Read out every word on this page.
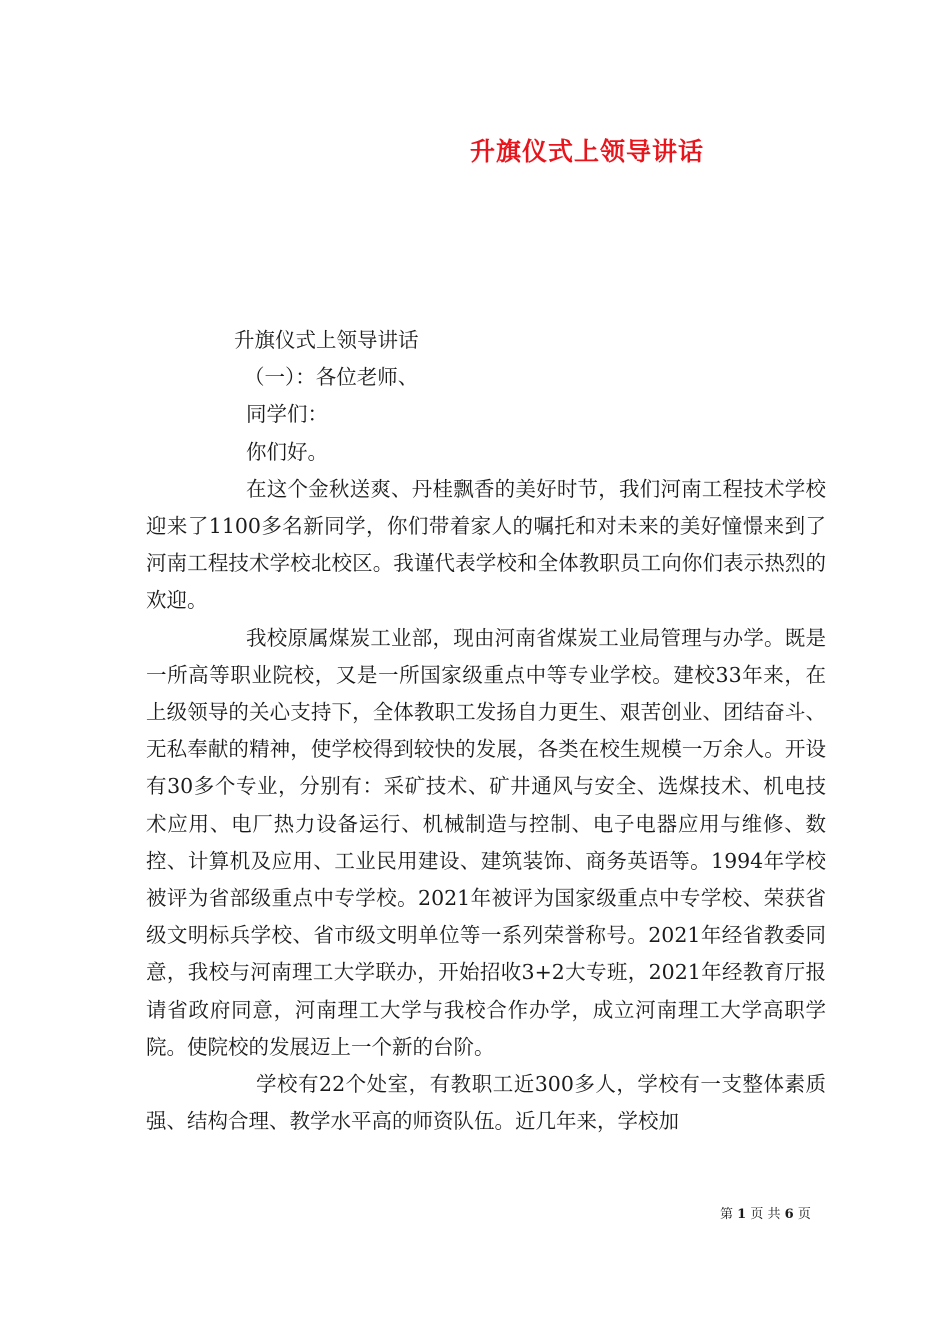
升旗仪式上领导讲话
升旗仪式上领导讲话
（一）：各位老师、
同学们：
你们好。
在这个金秋送爽、丹桂飘香的美好时节，我们河南工程技术学校迎来了1100多名新同学，你们带着家人的嘱托和对未来的美好憧憬来到了河南工程技术学校北校区。我谨代表学校和全体教职员工向你们表示热烈的欢迎。
我校原属煤炭工业部，现由河南省煤炭工业局管理与办学。既是一所高等职业院校，又是一所国家级重点中等专业学校。建校33年来，在上级领导的关心支持下，全体教职工发扬自力更生、艰苦创业、团结奋斗、无私奉献的精神，使学校得到较快的发展，各类在校生规模一万余人。开设有30多个专业，分别有：采矿技术、矿井通风与安全、选煤技术、机电技术应用、电厂热力设备运行、机械制造与控制、电子电器应用与维修、数控、计算机及应用、工业民用建设、建筑装饰、商务英语等。1994年学校被评为省部级重点中专学校。2021年被评为国家级重点中专学校、荣获省级文明标兵学校、省市级文明单位等一系列荣誉称号。2021年经省教委同意，我校与河南理工大学联办，开始招收3+2大专班，2021年经教育厅报请省政府同意，河南理工大学与我校合作办学，成立河南理工大学高职学院。使院校的发展迈上一个新的台阶。
学校有22个处室，有教职工近300多人，学校有一支整体素质强、结构合理、教学水平高的师资队伍。近几年来，学校加
第 1 页 共 6 页
